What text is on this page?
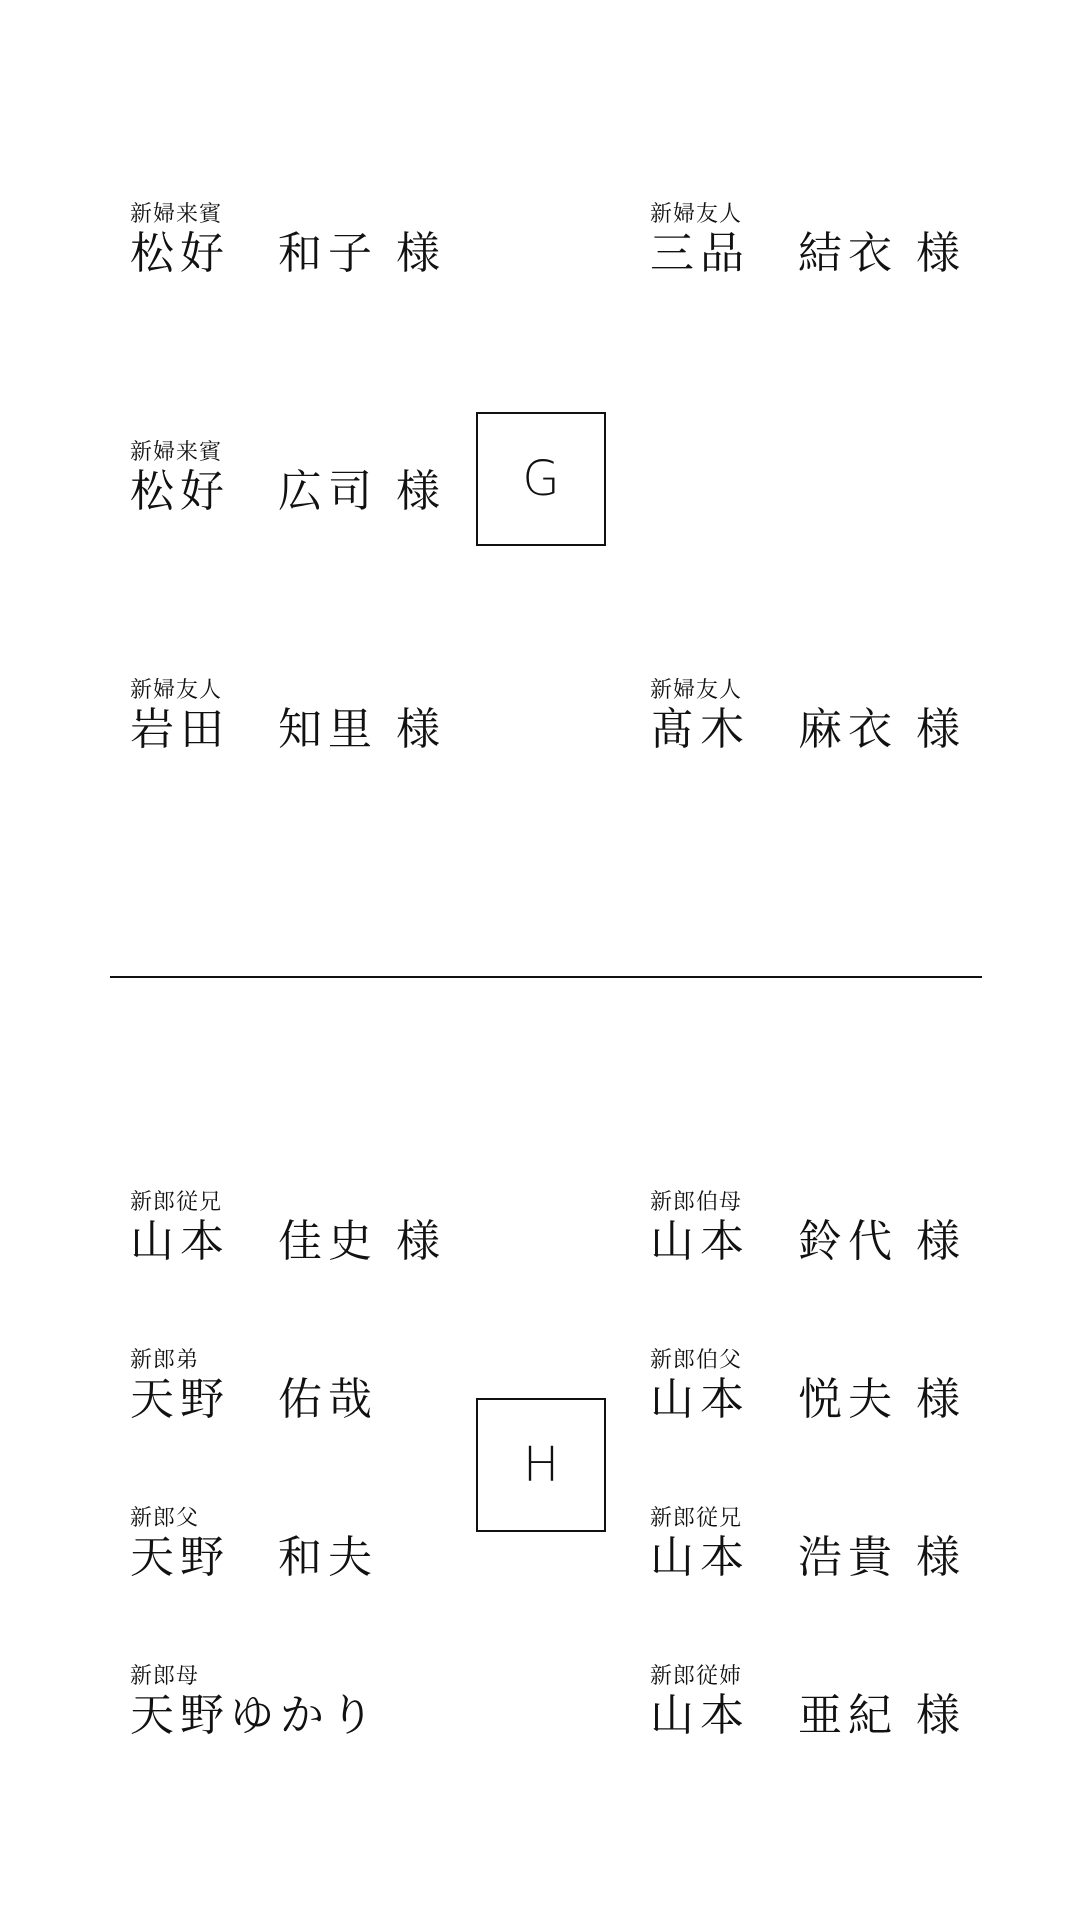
新婦来賓
松好 和子 様
新婦友人
三品 結衣 様
新婦来賓
松好 広司 様	G
新婦友人
岩田 知里 様
新婦友人
髙木 麻衣 様
新郎従兄
山本 佳史 様
新郎伯母
山本 鈴代 様
新郎弟
天野 佑哉
新郎伯父
山本 悦夫 様
H
新郎父
天野 和夫
新郎従兄
山本 浩貴 様
新郎母
天野ゆかり
新郎従姉
山本 亜紀 様
